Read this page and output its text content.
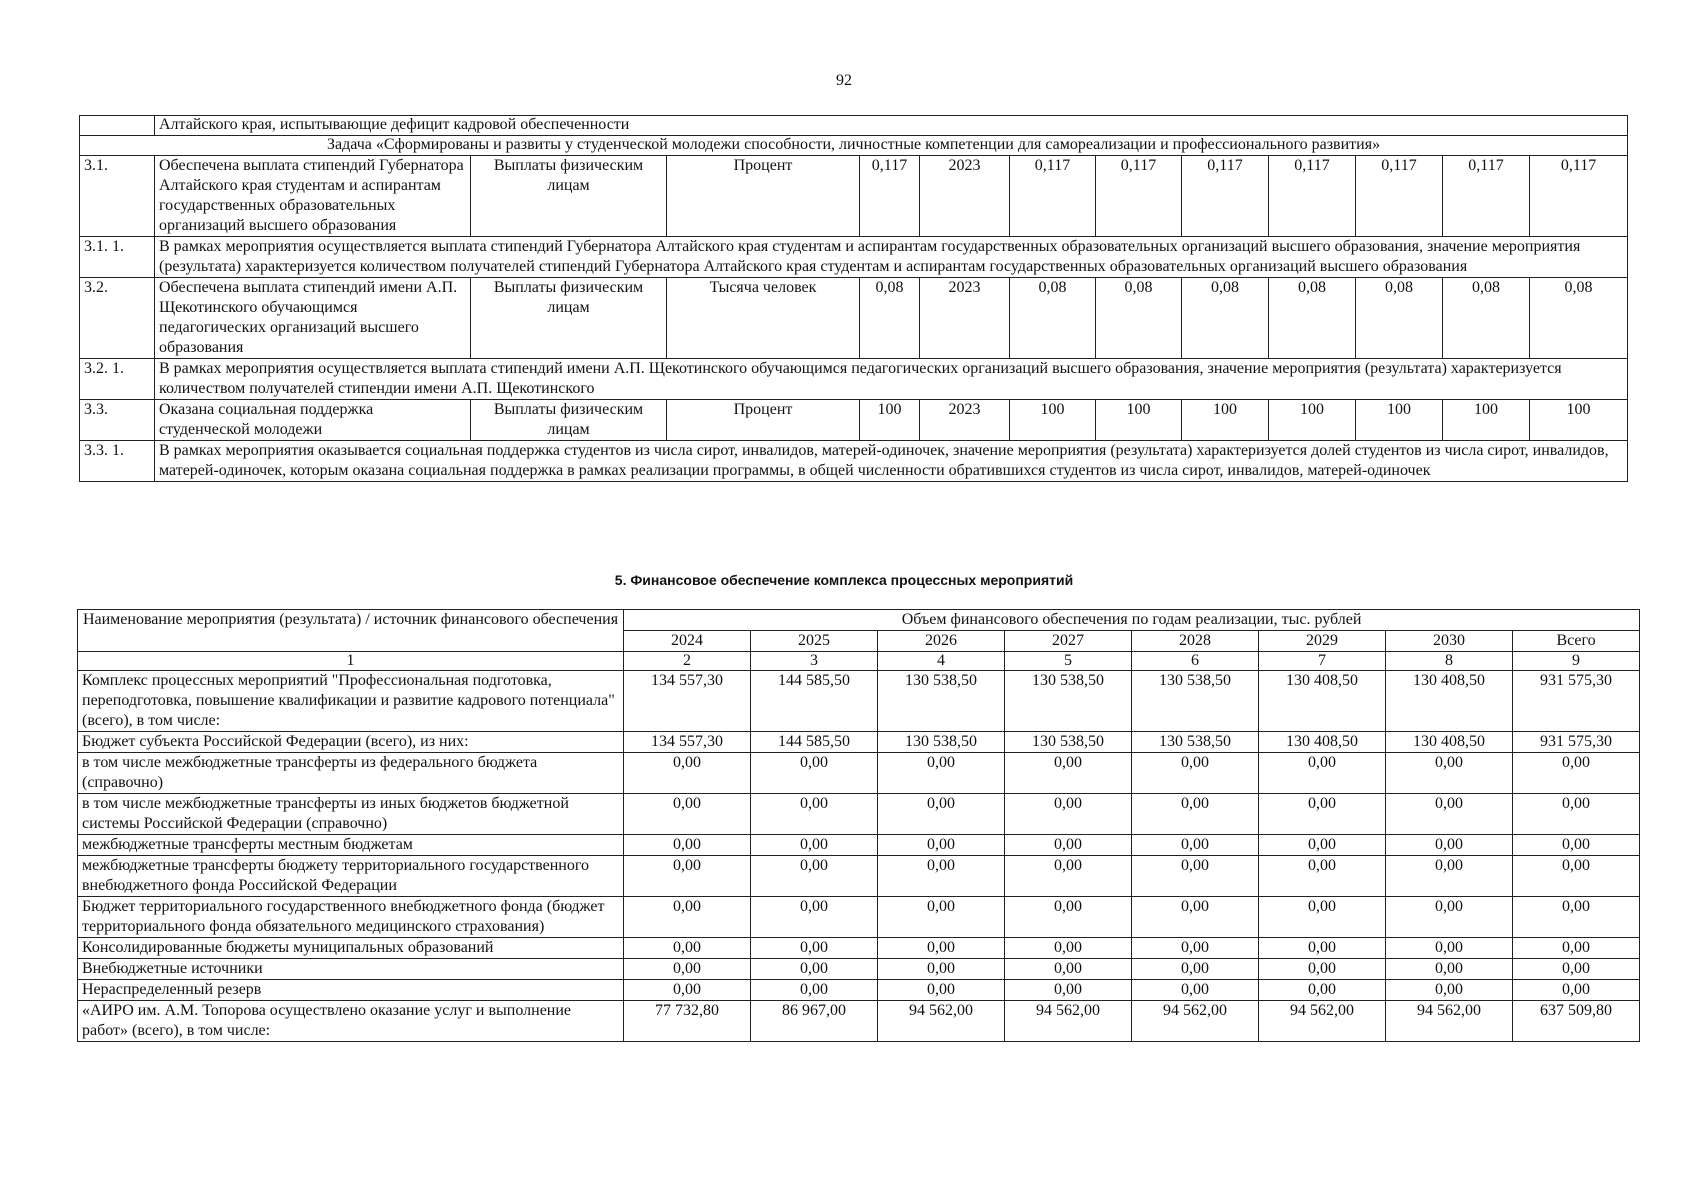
92
	Алтайского края, испытывающие дефицит кадровой обеспеченности											
Задача «Сформированы и развиты у студенческой молодежи способности, личностные компетенции для самореализации и профессионального развития»												
3.1.	Обеспечена выплата стипендий Губернатора Алтайского края студентам и аспирантам государственных образовательных организаций высшего образования	Выплаты физическим лицам	Процент	0,117	2023	0,117	0,117	0,117	0,117	0,117	0,117	0,117
3.1. 1.	В рамках мероприятия осуществляется выплата стипендий Губернатора Алтайского края студентам и аспирантам государственных образовательных организаций высшего образования, значение мероприятия (результата) характеризуется количеством получателей стипендий Губернатора Алтайского края студентам и аспирантам государственных образовательных организаций высшего образования											
3.2.	Обеспечена выплата стипендий имени А.П. Щекотинского обучающимся педагогических организаций высшего образования	Выплаты физическим лицам	Тысяча человек	0,08	2023	0,08	0,08	0,08	0,08	0,08	0,08	0,08
3.2. 1.	В рамках мероприятия осуществляется выплата стипендий имени А.П. Щекотинского обучающимся педагогических организаций высшего образования, значение мероприятия (результата) характеризуется количеством получателей стипендии имени А.П. Щекотинского											
3.3.	Оказана социальная поддержка студенческой молодежи	Выплаты физическим лицам	Процент	100	2023	100	100	100	100	100	100	100
3.3. 1.	В рамках мероприятия оказывается социальная поддержка студентов из числа сирот, инвалидов, матерей-одиночек, значение мероприятия (результата) характеризуется долей студентов из числа сирот, инвалидов, матерей-одиночек, которым оказана социальная поддержка в рамках реализации программы, в общей численности обратившихся студентов из числа сирот, инвалидов, матерей-одиночек											
5. Финансовое обеспечение комплекса процессных мероприятий
Наименование мероприятия (результата) / источник финансового обеспечения	Объем финансового обеспечения по годам реализации, тыс. рублей							
	2024	2025	2026	2027	2028	2029	2030	Всего
1	2	3	4	5	6	7	8	9
Комплекс процессных мероприятий "Профессиональная подготовка, переподготовка, повышение квалификации и развитие кадрового потенциала" (всего), в том числе:	134 557,30	144 585,50	130 538,50	130 538,50	130 538,50	130 408,50	130 408,50	931 575,30
Бюджет субъекта Российской Федерации (всего), из них:	134 557,30	144 585,50	130 538,50	130 538,50	130 538,50	130 408,50	130 408,50	931 575,30
в том числе межбюджетные трансферты из федерального бюджета (справочно)	0,00	0,00	0,00	0,00	0,00	0,00	0,00	0,00
в том числе межбюджетные трансферты из иных бюджетов бюджетной системы Российской Федерации (справочно)	0,00	0,00	0,00	0,00	0,00	0,00	0,00	0,00
межбюджетные трансферты местным бюджетам	0,00	0,00	0,00	0,00	0,00	0,00	0,00	0,00
межбюджетные трансферты бюджету территориального государственного внебюджетного фонда Российской Федерации	0,00	0,00	0,00	0,00	0,00	0,00	0,00	0,00
Бюджет территориального государственного внебюджетного фонда (бюджет территориального фонда обязательного медицинского страхования)	0,00	0,00	0,00	0,00	0,00	0,00	0,00	0,00
Консолидированные бюджеты муниципальных образований	0,00	0,00	0,00	0,00	0,00	0,00	0,00	0,00
Внебюджетные источники	0,00	0,00	0,00	0,00	0,00	0,00	0,00	0,00
Нераспределенный резерв	0,00	0,00	0,00	0,00	0,00	0,00	0,00	0,00
«АИРО им. А.М. Топорова осуществлено оказание услуг и выполнение работ» (всего), в том числе:	77 732,80	86 967,00	94 562,00	94 562,00	94 562,00	94 562,00	94 562,00	637 509,80
